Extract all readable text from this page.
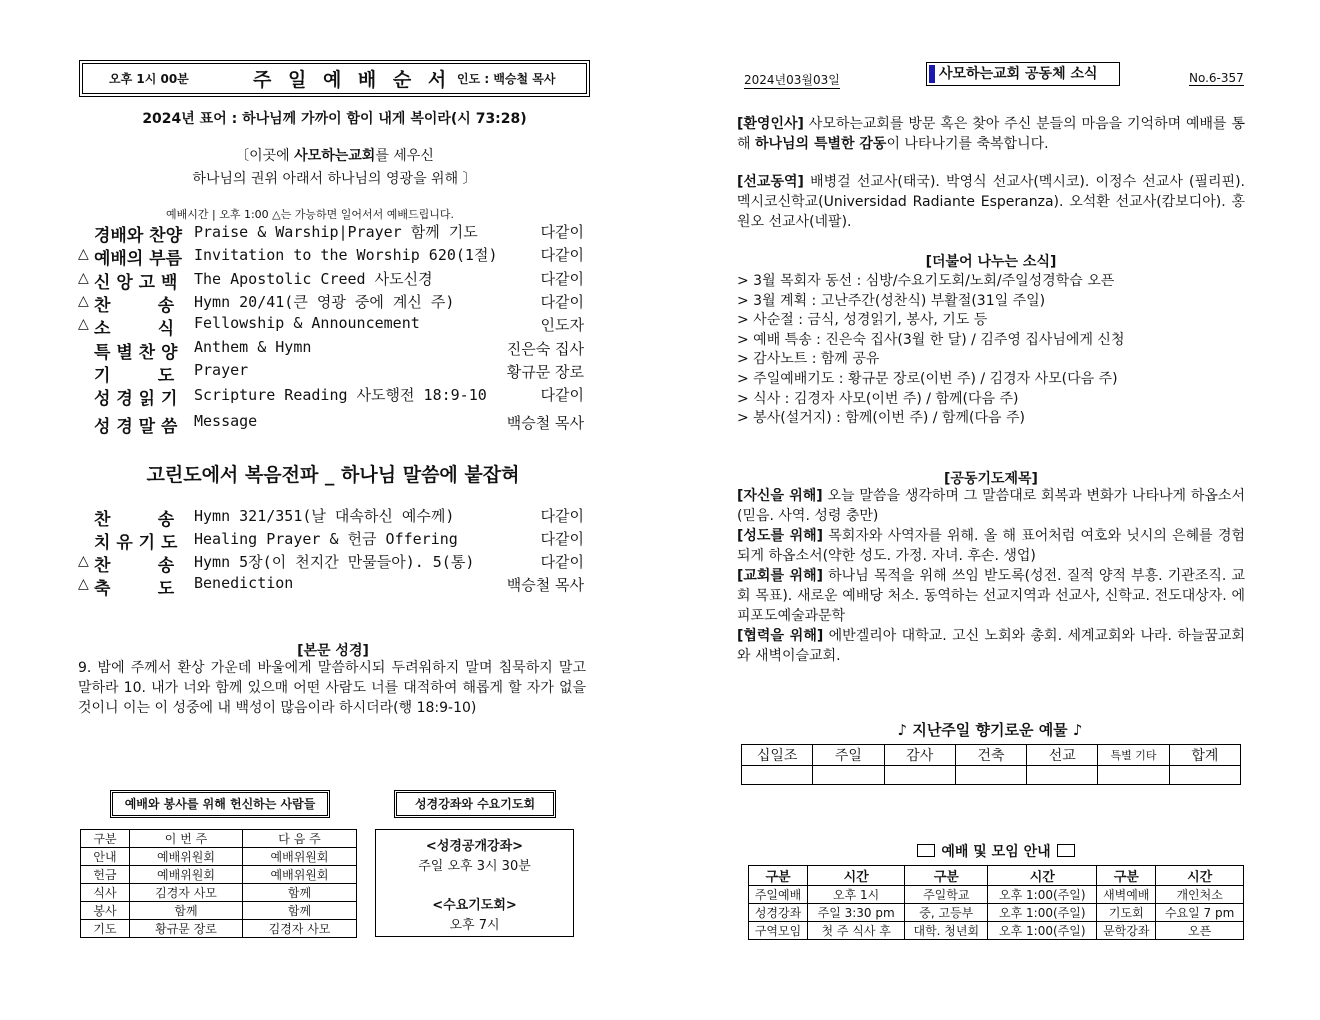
오후 1시 00분	주 일 예 배 순 서 인도 : 백승철 목사
2024년 표어 : 하나님께 가까이 함이 내게 복이라(시 73:28)
〔이곳에 사모하는교회를 세우신
하나님의 권위 아래서 하나님의 영광을 위해 〕
예배시간 | 오후 1:00 △는 가능하면 일어서서 예배드립니다.
경배와 찬양 Praise & Warship|Prayer 함께 기도	다같이
△ 예배의 부름 Invitation to the Worship 620(1절)	다같이
△ 신 앙 고 백	The Apostolic Creed 사도신경	다같이
△ 찬        송	Hymn 20/41(큰 영광 중에 계신 주)	다같이
△ 소        식	Fellowship & Announcement	인도자
특 별 찬 양	Anthem & Hymn	진은숙 집사
기        도	Prayer	황규문 장로
성 경 읽 기	Scripture Reading 사도행전 18:9-10	다같이
성 경 말 씀	Message	백승철 목사
고린도에서 복음전파 _ 하나님 말씀에 붙잡혀
찬        송	Hymn 321/351(날 대속하신 예수께)	다같이
치 유 기 도	Healing Prayer & 헌금 Offering	다같이
△ 찬        송	Hymn 5장(이 천지간 만물들아). 5(통)	다같이
△ 축        도	Benediction	백승철 목사
[본문 성경]
9. 밤에 주께서 환상 가운데 바울에게 말씀하시되 두려워하지 말며 침묵하지 말고 말하라 10. 내가 너와 함께 있으매 어떤 사람도 너를 대적하여 해롭게 할 자가 없을 것이니 이는 이 성중에 내 백성이 많음이라 하시더라(행 18:9-10)
예배와 봉사를 위해 헌신하는 사람들	성경강좌와 수요기도회
구분	이 번 주	다 음 주
안내	예배위원회	예배위원회
헌금	예배위원회	예배위원회
식사	김경자 사모	함께
봉사	함께	함께
기도	황규문 장로	김경자 사모
<성경공개강좌>
주일 오후 3시 30분
<수요기도회>
오후 7시
2024년03월03일	사모하는교회 공동체 소식	No.6-357
[환영인사] 사모하는교회를 방문 혹은 찾아 주신 분들의 마음을 기억하며 예배를 통해 하나님의 특별한 감동이 나타나기를 축복합니다.
[선교동역] 배병걸 선교사(태국). 박영식 선교사(멕시코). 이정수 선교사 (필리핀). 멕시코신학교(Universidad Radiante Esperanza). 오석환 선교사(캄보디아). 홍원오 선교사(네팔).
[더불어 나누는 소식]
> 3월 목회자 동선 : 심방/수요기도회/노회/주일성경학습 오픈
> 3월 계획 : 고난주간(성찬식) 부활절(31일 주일)
> 사순절 : 금식, 성경읽기, 봉사, 기도 등
> 예배 특송 : 진은숙 집사(3월 한 달) / 김주영 집사님에게 신청
> 감사노트 : 함께 공유
> 주일예배기도 : 황규문 장로(이번 주) / 김경자 사모(다음 주)
> 식사 : 김경자 사모(이번 주) / 함께(다음 주)
> 봉사(설거지) : 함께(이번 주) / 함께(다음 주)
[공동기도제목]
[자신을 위해] 오늘 말씀을 생각하며 그 말씀대로 회복과 변화가 나타나게 하옵소서(믿음. 사역. 성령 충만)
[성도를 위해] 목회자와 사역자를 위해. 올 해 표어처럼 여호와 닛시의 은혜를 경험되게 하옵소서(약한 성도. 가정. 자녀. 후손. 생업)
[교회를 위해] 하나님 목적을 위해 쓰임 받도록(성전. 질적 양적 부흥. 기관조직. 교회 목표). 새로운 예배당 처소. 동역하는 선교지역과 선교사, 신학교. 전도대상자. 에피포도예술과문학
[협력을 위해] 에반겔리아 대학교. 고신 노회와 총회. 세계교회와 나라. 하늘꿈교회와 새벽이슬교회.
♪ 지난주일 향기로운 예물 ♪
십일조	주일	감사	건축	선교	특별 기타	합계

예배 및 모임 안내
구분	시간	구분	시간	구분	시간
주일예배	오후 1시	주일학교	오후 1:00(주일)	새벽예배	개인처소
성경강좌	주일 3:30 pm	중, 고등부	오후 1:00(주일)	기도회	수요일 7 pm
구역모임	첫 주 식사 후	대학. 청년회	오후 1:00(주일)	문학강좌	오픈
